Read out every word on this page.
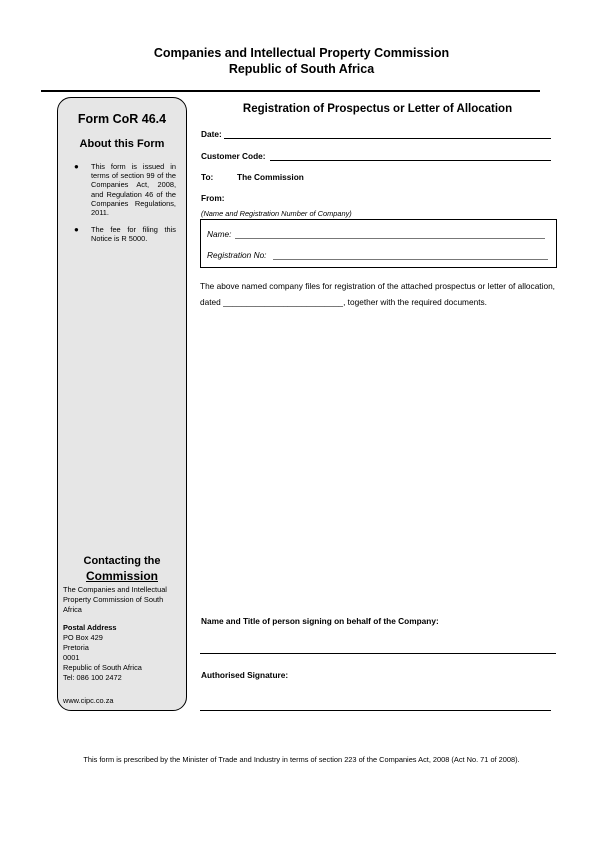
Companies and Intellectual Property Commission
Republic of South Africa
Form CoR 46.4
About this Form
● This form is issued in terms of section 99 of the Companies Act, 2008, and Regulation 46 of the Companies Regulations, 2011.
● The fee for filing this Notice is R 5000.
Contacting the
Commission
The Companies and Intellectual Property Commission of South Africa
Postal Address
PO Box 429
Pretoria
0001
Republic of South Africa
Tel: 086 100 2472
www.cipc.co.za
Registration of Prospectus or Letter of Allocation
Date:
Customer Code:
To:	The Commission
From:
(Name and Registration Number of Company)
Name:
Registration No:
The above named company files for registration of the attached prospectus or letter of allocation, dated __________________________, together with the required documents.
Name and Title of person signing on behalf of the Company:
Authorised Signature:
This form is prescribed by the Minister of Trade and Industry in terms of section 223 of the Companies Act, 2008 (Act No. 71 of 2008).
